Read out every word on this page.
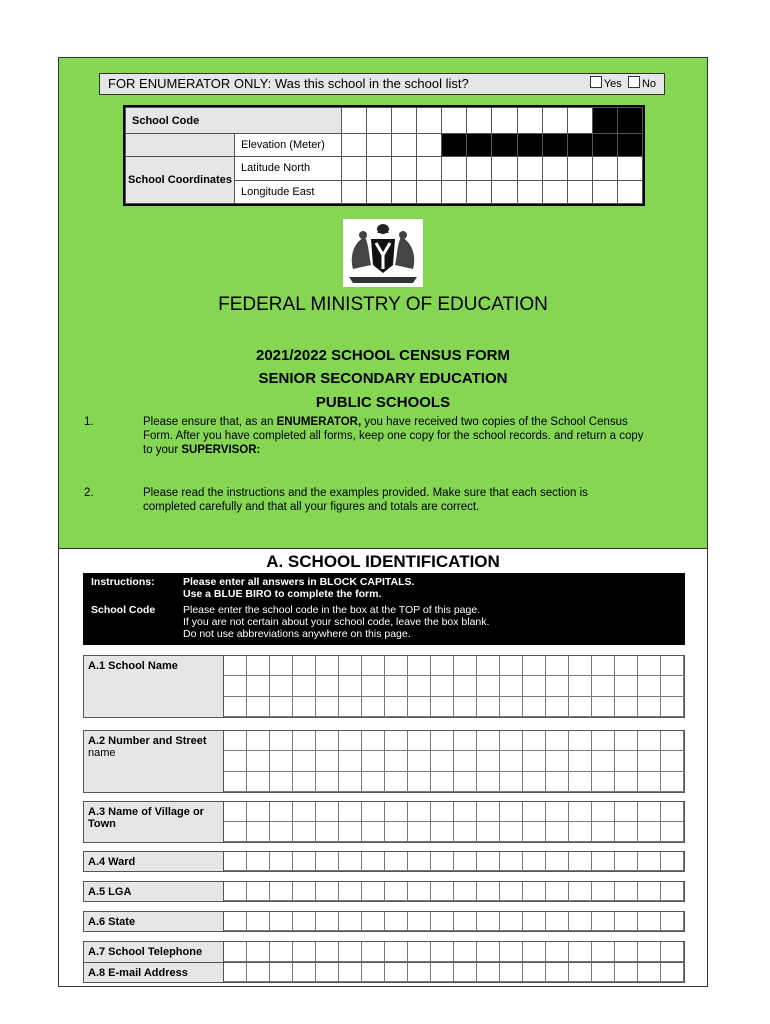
FOR ENUMERATOR ONLY: Was this school in the school list?	Yes No
School Code													
	Elevation (Meter)												
School Coordinates	Latitude North												
	Longitude East												
FEDERAL MINISTRY OF EDUCATION
2021/2022 SCHOOL CENSUS FORM
SENIOR SECONDARY EDUCATION
PUBLIC SCHOOLS
1.	Please ensure that, as an ENUMERATOR, you have received two copies of the School Census Form. After you have completed all forms, keep one copy for the school records. and return a copy to your SUPERVISOR:
2.	Please read the instructions and the examples provided. Make sure that each section is completed carefully and that all your figures and totals are correct.
A. SCHOOL IDENTIFICATION
Instructions:	Please enter all answers in BLOCK CAPITALS.
Use a BLUE BIRO to complete the form.
School Code	Please enter the school code in the box at the TOP of this page.
If you are not certain about your school code, leave the box blank.
Do not use abbreviations anywhere on this page.
A.1 School Name
A.2 Number and Street
name
A.3 Name of Village or Town
A.4 Ward
A.5 LGA
A.6 State
A.7 School Telephone
A.8 E-mail Address
